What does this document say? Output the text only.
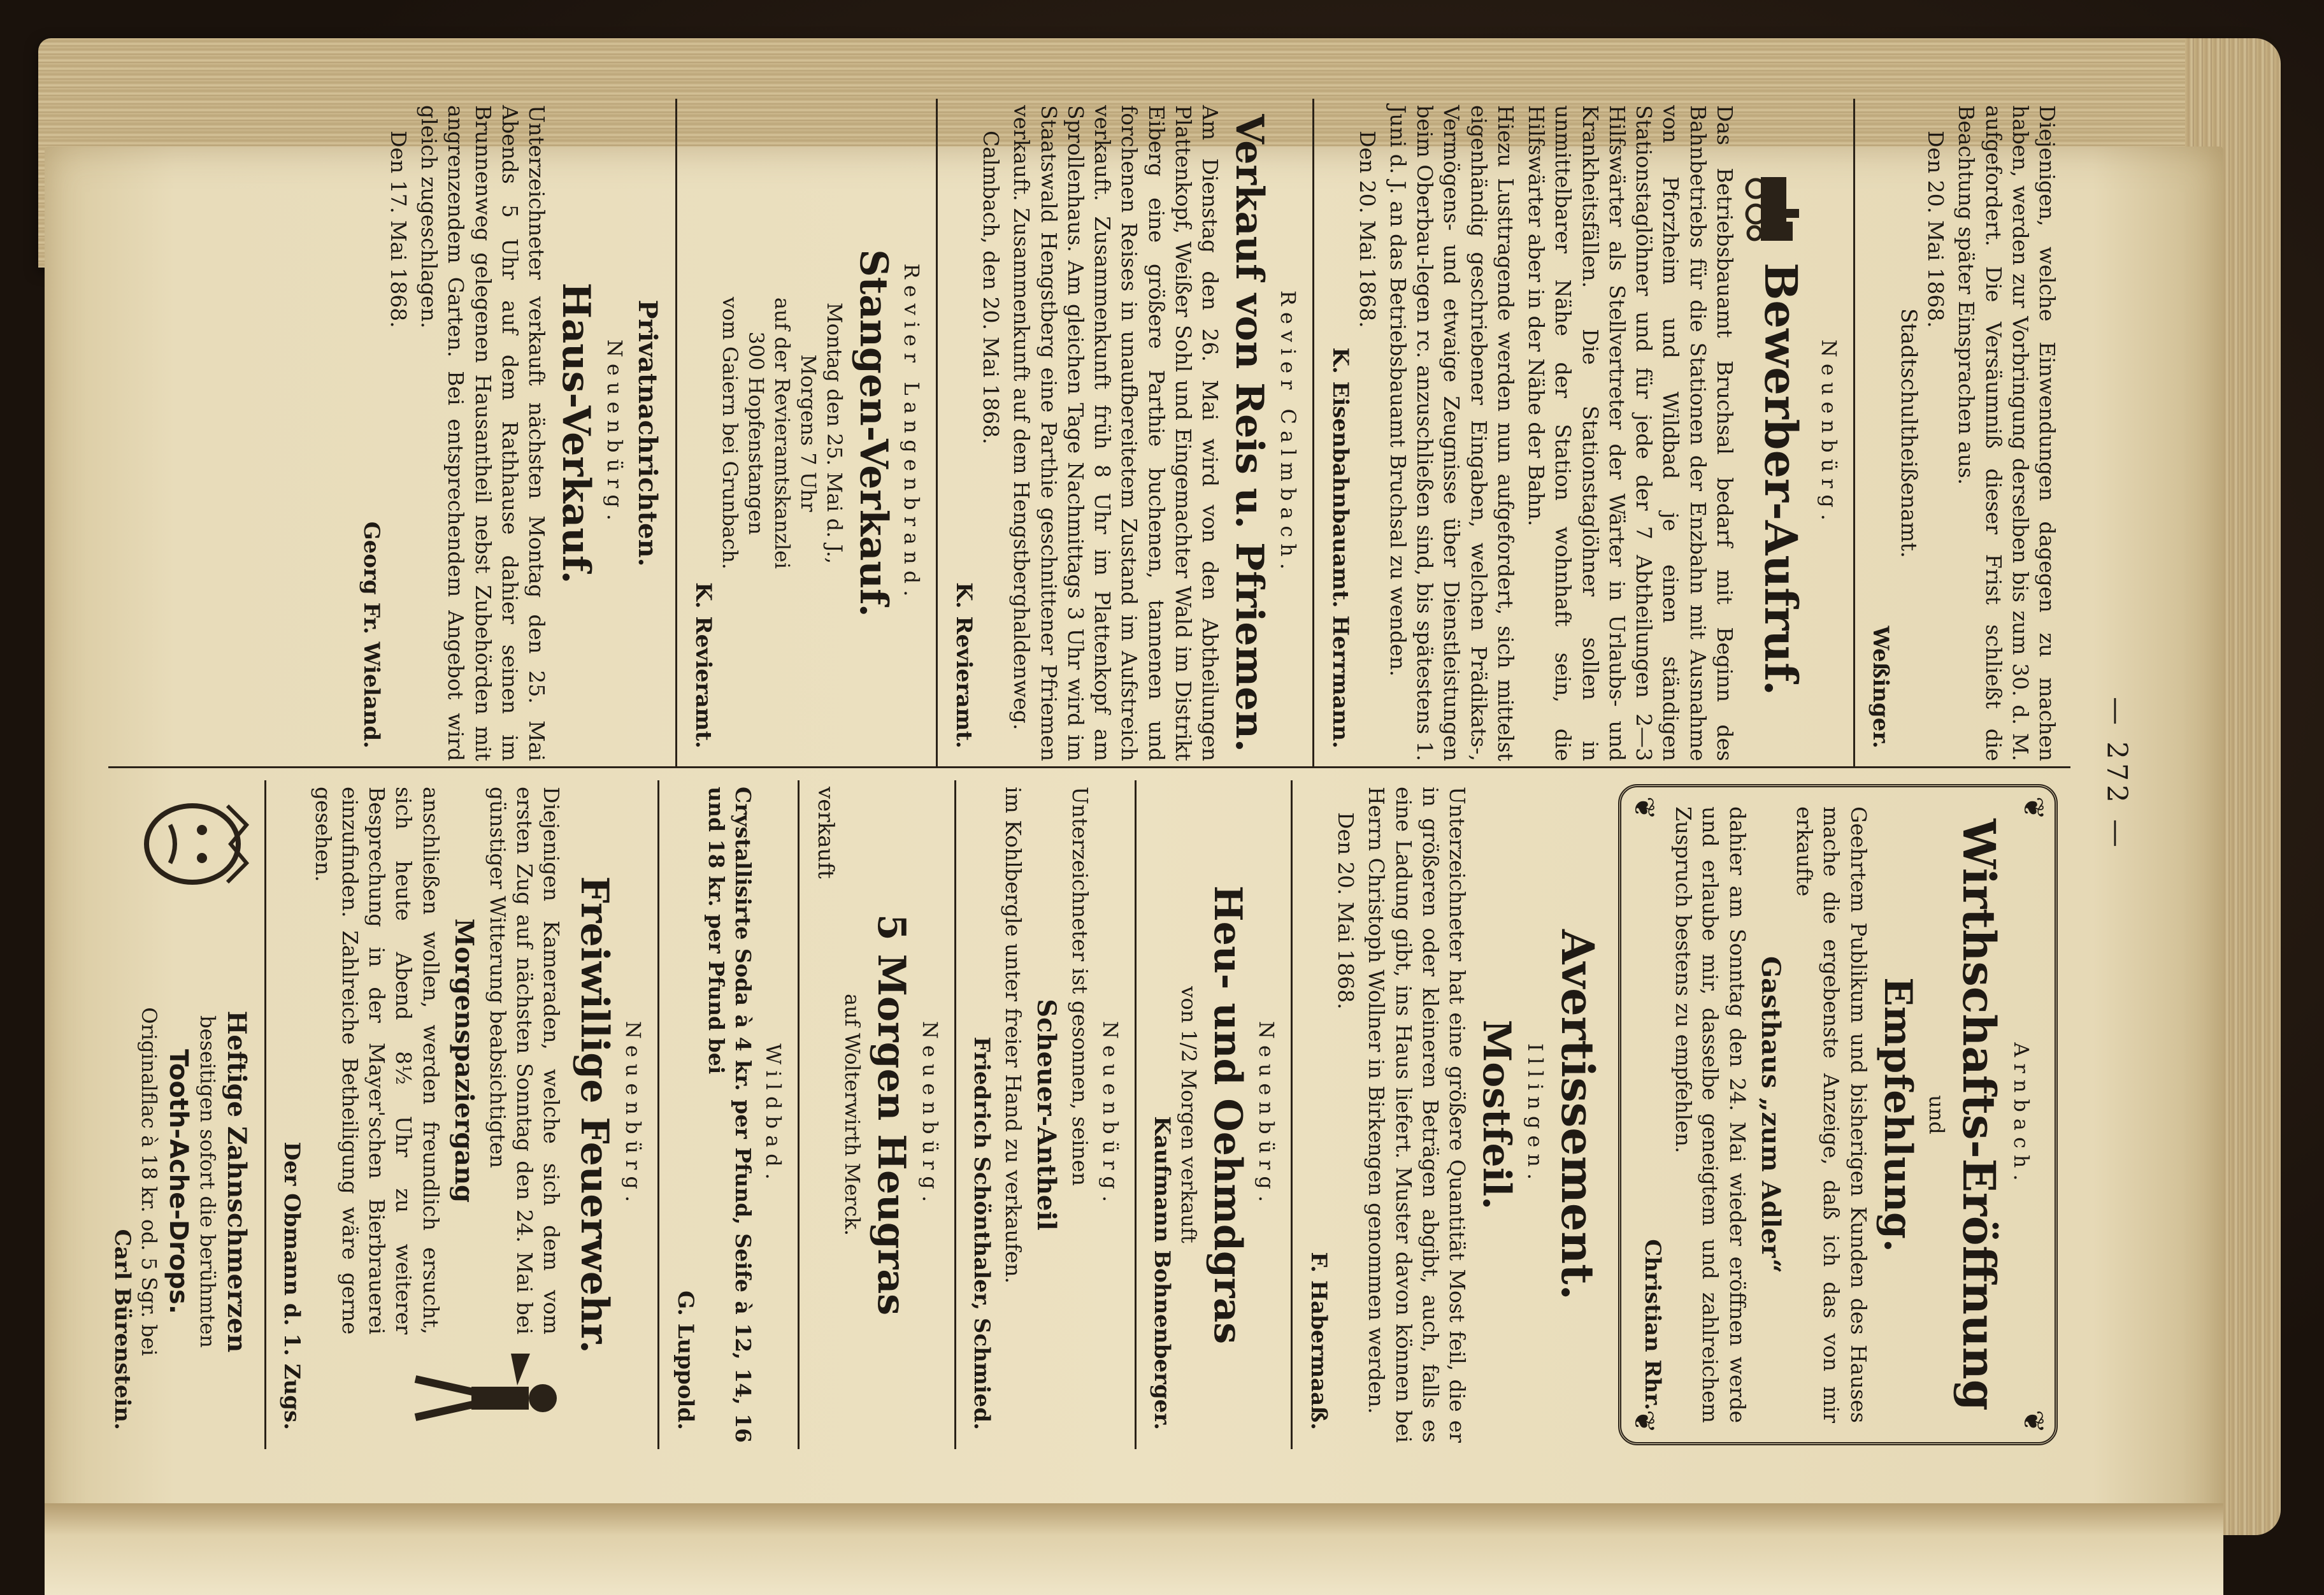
— 272 —
Diejenigen, welche Einwendungen dagegen zu machen haben, werden zur Vorbringung derselben bis zum 30. d. M. aufgefordert. Die Versäumniß dieser Frist schließt die Beachtung später Einsprachen aus.
Den 20. Mai 1868.
Stadtschultheißenamt.
Weßinger.
Neuenbürg.
Bewerber-Aufruf.
Das Betriebsbauamt Bruchsal bedarf mit Beginn des Bahnbetriebs für die Stationen der Enzbahn mit Ausnahme von Pforzheim und Wildbad je einen ständigen Stationstaglöhner und für jede der 7 Abtheilungen 2—3 Hilfswärter als Stellvertreter der Wärter in Urlaubs- und Krankheitsfällen. Die Stationstaglöhner sollen in unmittelbarer Nähe der Station wohnhaft sein, die Hilfswärter aber in der Nähe der Bahn.
Hiezu Lusttragende werden nun aufgefordert, sich mittelst eigenhändig geschriebener Eingaben, welchen Prädikats-, Vermögens- und etwaige Zeugnisse über Dienstleistungen beim Oberbau-legen rc. anzuschließen sind, bis spätestens 1. Juni d. J. an das Betriebsbauamt Bruchsal zu wenden.
Den 20. Mai 1868.
K. Eisenbahnbauamt. Herrmann.
Revier Calmbach.
Verkauf von Reis u. Pfriemen.
Am Dienstag den 26. Mai wird von den Abtheilungen Plattenkopf, Weißer Sohl und Eingemachter Wald im Distrikt Eiberg eine größere Parthie buchenen, tannenen und forchenen Reises in unaufbereitetem Zustand im Aufstreich verkauft. Zusammenkunft früh 8 Uhr im Plattenkopf am Sprollenhaus. Am gleichen Tage Nachmittags 3 Uhr wird im Staatswald Hengstberg eine Parthie geschnittener Pfriemen verkauft. Zusammenkunft auf dem Hengstberghaldenweg.
Calmbach, den 20. Mai 1868.
K. Revieramt.
Revier Langenbrand.
Stangen-Verkauf.
Montag den 25. Mai d. J.,
Morgens 7 Uhr
auf der Revieramtskanzlei
300 Hopfenstangen
vom Gaiern bei Grunbach.
K. Revieramt.
Privatnachrichten.
Neuenbürg.
Haus-Verkauf.
Unterzeichneter verkauft nächsten Montag den 25. Mai Abends 5 Uhr auf dem Rathhause dahier seinen im Brunnenweg gelegenen Hausantheil nebst Zubehörden mit angrenzendem Garten. Bei entsprechendem Angebot wird gleich zugeschlagen.
Den 17. Mai 1868.
Georg Fr. Wieland.
❦
❦
❦
❦
Arnbach.
Wirthschafts-Eröffnung
und
Empfehlung.
Geehrtem Publikum und bisherigen Kunden des Hauses mache die ergebenste Anzeige, daß ich das von mir erkaufte
Gasthaus „zum Adler“
dahier am Sonntag den 24. Mai wieder eröffnen werde und erlaube mir, dasselbe geneigtem und zahlreichem Zuspruch bestens zu empfehlen.
Christian Rhr.
Avertissement.
Illingen.
Mostfeil.
Unterzeichneter hat eine größere Quantität Most feil, die er in größeren oder kleineren Beträgen abgibt, auch, falls es eine Ladung gibt, ins Haus liefert. Muster davon können bei Herrn Christoph Wollner in Birkengen genommen werden.
Den 20. Mai 1868.
F. Habermaaß.
Neuenbürg.
Heu- und Oehmdgras
von 1/2 Morgen verkauft
Kaufmann Bohnenberger.
Neuenbürg.
Unterzeichneter ist gesonnen, seinen
Scheuer-Antheil
im Kohlbergle unter freier Hand zu verkaufen.
Friedrich Schönthaler, Schmied.
Neuenbürg.
5 Morgen Heugras
auf Wolterwirth Merck.
verkauft
Wildbad.
Crystallisirte Soda à 4 kr. per Pfund, Seife à 12, 14, 16 und 18 kr. per Pfund bei
G. Luppold.
Neuenbürg.
Freiwillige Feuerwehr.
Diejenigen Kameraden, welche sich dem vom ersten Zug auf nächsten Sonntag den 24. Mai bei günstiger Witterung beabsichtigten
Morgenspaziergang
anschließen wollen, werden freundlich ersucht, sich heute Abend 8½ Uhr zu weiterer Besprechung in der Mayer'schen Bierbrauerei einzufinden. Zahlreiche Betheiligung wäre gerne gesehen.
Der Obmann d. 1. Zugs.
Heftige Zahnschmerzen
beseitigen sofort die berühmten
Tooth-Ache-Drops.
Originalflac à 18 kr. od. 5 Sgr. bei
Carl Bürenstein.
